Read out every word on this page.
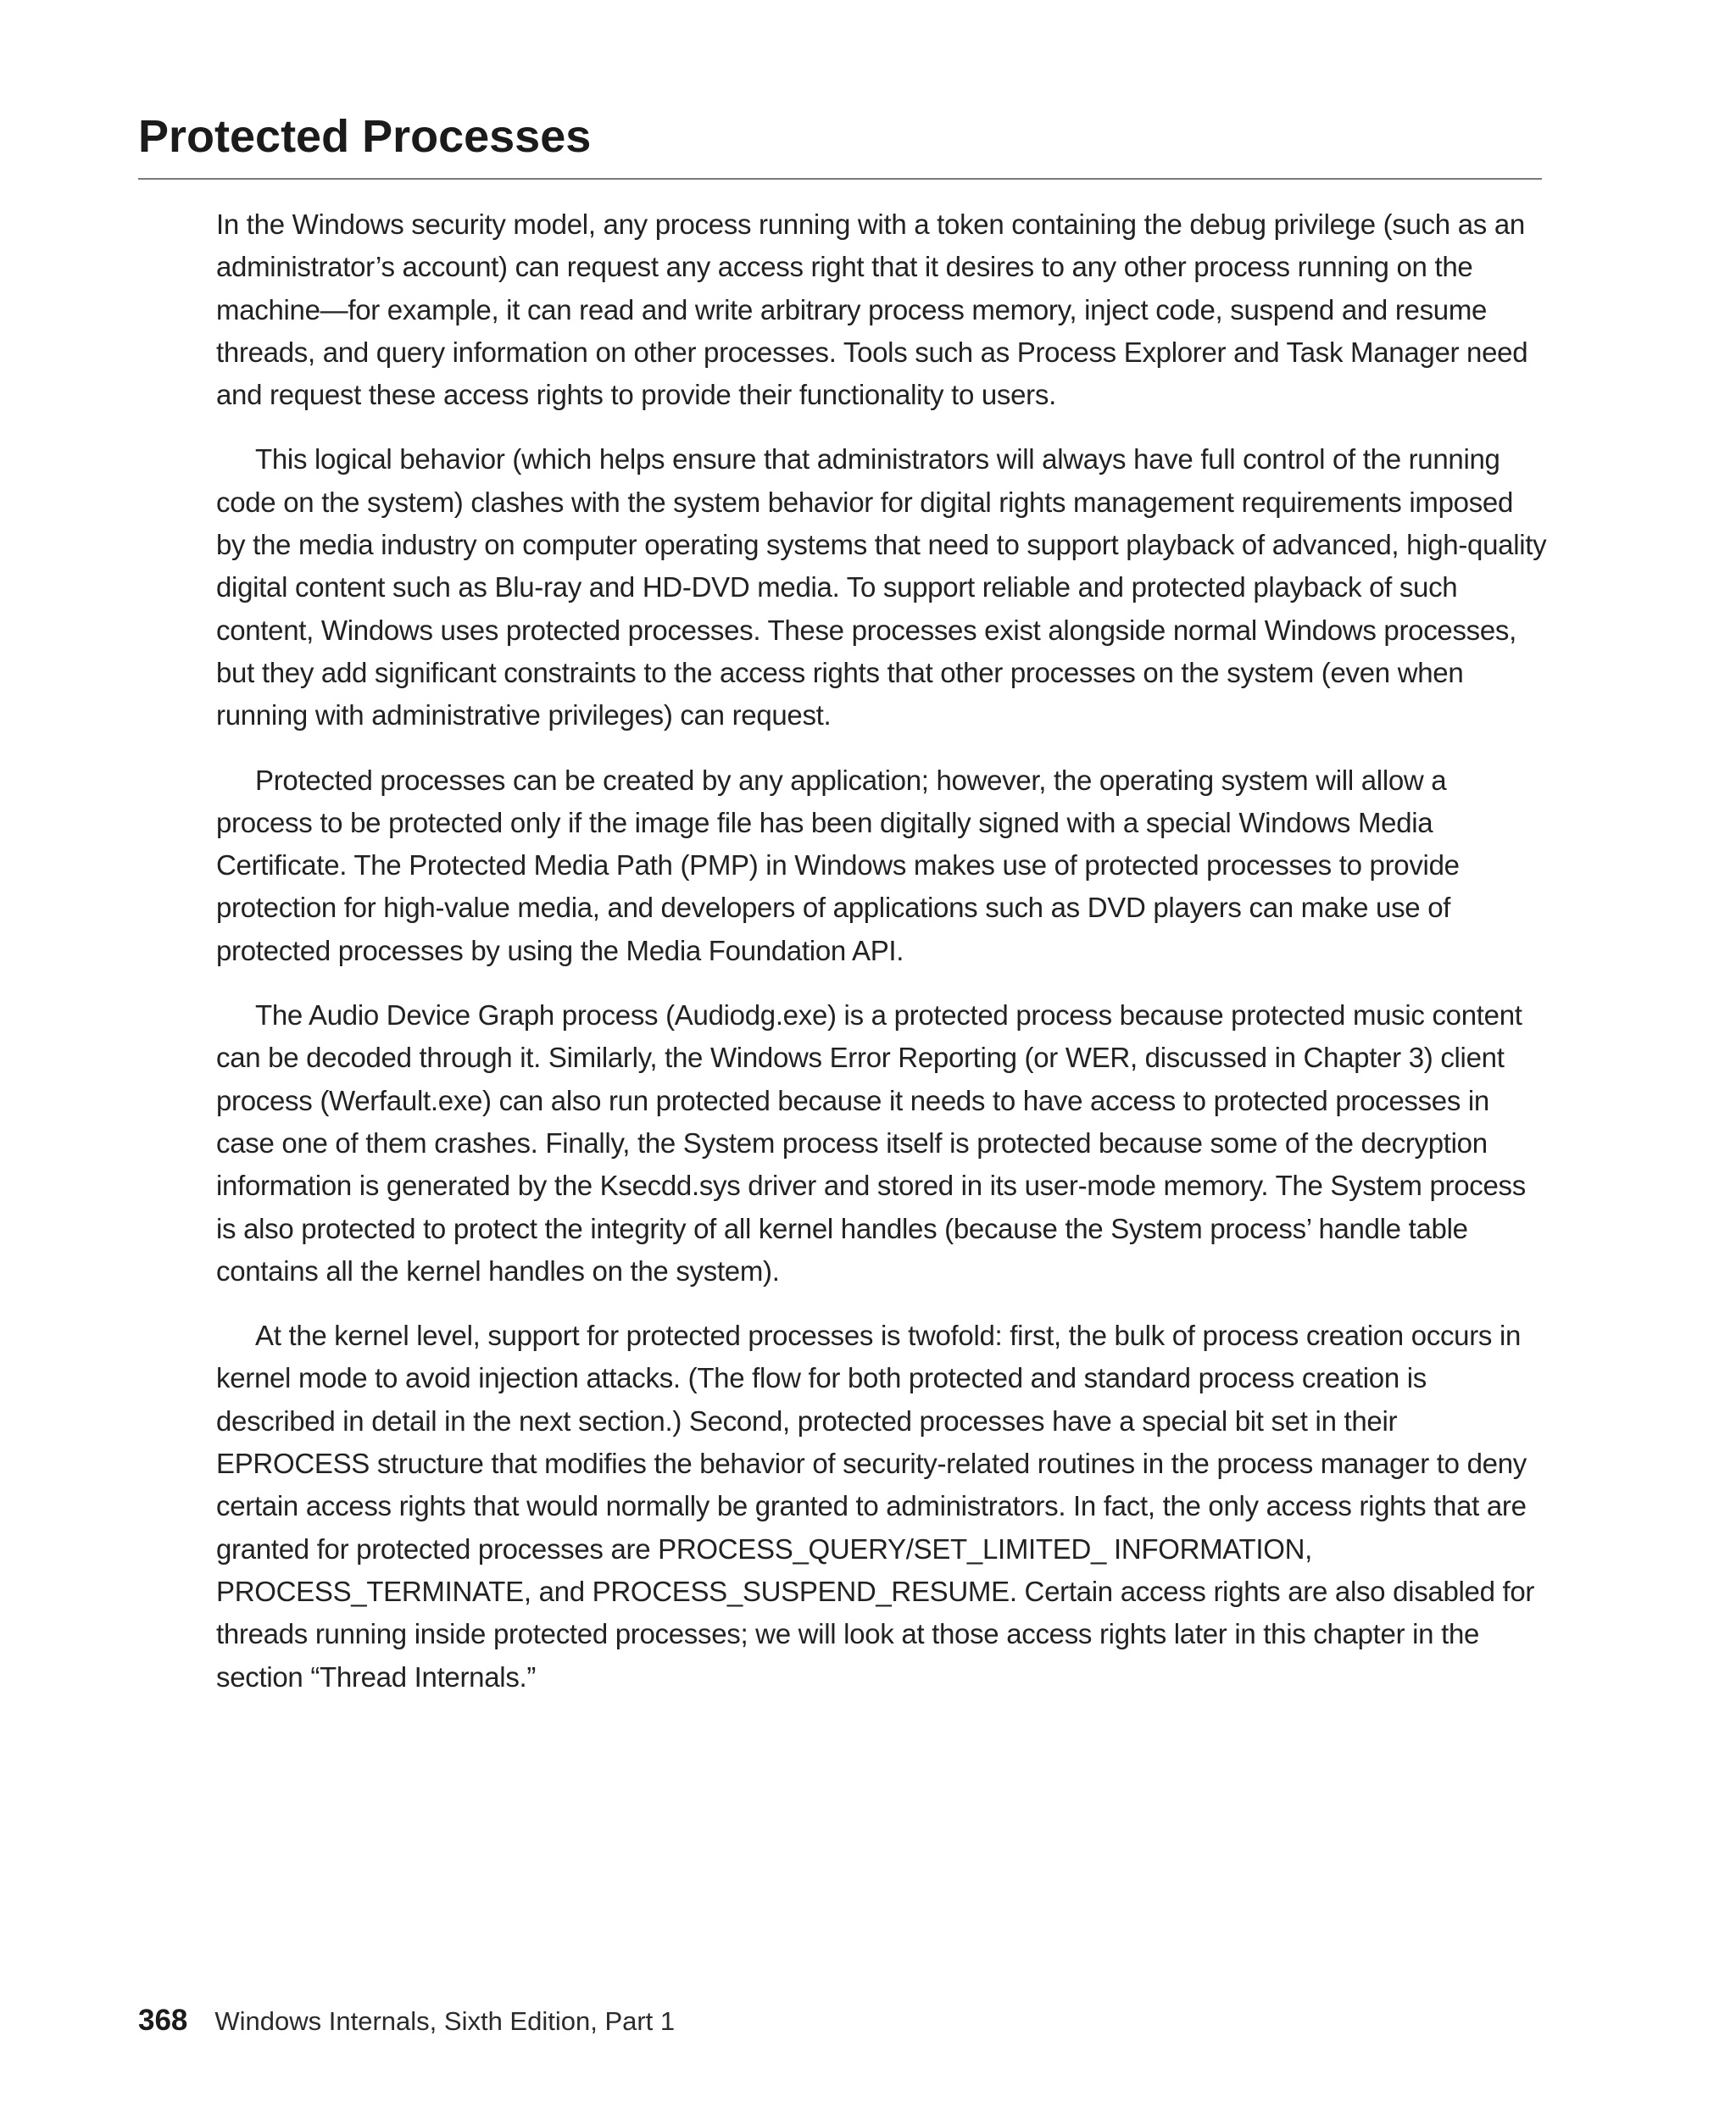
Protected Processes

In the Windows security model, any process running with a token containing the debug privilege (such as an administrator’s account) can request any access right that it desires to any other process running on the machine—for example, it can read and write arbitrary process memory, inject code, suspend and resume threads, and query information on other processes. Tools such as Process Explorer and Task Manager need and request these access rights to provide their functionality to users.

This logical behavior (which helps ensure that administrators will always have full control of the running code on the system) clashes with the system behavior for digital rights management requirements imposed by the media industry on computer operating systems that need to support playback of advanced, high-quality digital content such as Blu-ray and HD-DVD media. To support reliable and protected playback of such content, Windows uses protected processes. These processes exist alongside normal Windows processes, but they add significant constraints to the access rights that other processes on the system (even when running with administrative privileges) can request.

Protected processes can be created by any application; however, the operating system will allow a process to be protected only if the image file has been digitally signed with a special Windows Media Certificate. The Protected Media Path (PMP) in Windows makes use of protected processes to provide protection for high-value media, and developers of applications such as DVD players can make use of protected processes by using the Media Foundation API.

The Audio Device Graph process (Audiodg.exe) is a protected process because protected music content can be decoded through it. Similarly, the Windows Error Reporting (or WER, discussed in Chapter 3) client process (Werfault.exe) can also run protected because it needs to have access to protected processes in case one of them crashes. Finally, the System process itself is protected because some of the decryption information is generated by the Ksecdd.sys driver and stored in its user-mode memory. The System process is also protected to protect the integrity of all kernel handles (because the System process’ handle table contains all the kernel handles on the system).

At the kernel level, support for protected processes is twofold: first, the bulk of process creation occurs in kernel mode to avoid injection attacks. (The flow for both protected and standard process creation is described in detail in the next section.) Second, protected processes have a special bit set in their EPROCESS structure that modifies the behavior of security-related routines in the process manager to deny certain access rights that would normally be granted to administrators. In fact, the only access rights that are granted for protected processes are PROCESS_QUERY/SET_LIMITED_ INFORMATION, PROCESS_TERMINATE, and PROCESS_SUSPEND_RESUME. Certain access rights are also disabled for threads running inside protected processes; we will look at those access rights later in this chapter in the section “Thread Internals.”

368 Windows Internals, Sixth Edition, Part 1
